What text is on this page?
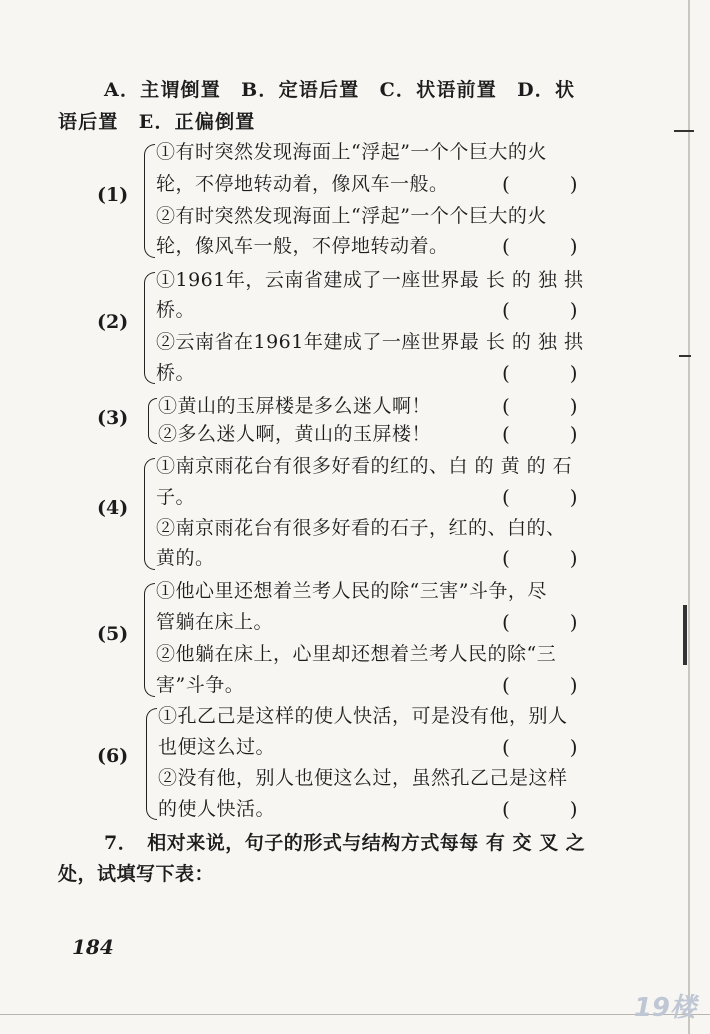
A．主谓倒置　B．定语后置　C．状语前置　D．状
语后置　E．正偏倒置
(1)
①有时突然发现海面上“浮起”一个个巨大的火
轮，不停地转动着，像风车一般。	(　　　)
②有时突然发现海面上“浮起”一个个巨大的火
轮，像风车一般，不停地转动着。	(　　　)
(2)
①1961年，云南省建成了一座世界最 长 的 独 拱
桥。	(　　　)
②云南省在1961年建成了一座世界最 长 的 独 拱
桥。	(　　　)
(3)
①黄山的玉屏楼是多么迷人啊！	(　　　)
②多么迷人啊，黄山的玉屏楼！	(　　　)
(4)
①南京雨花台有很多好看的红的、白 的 黄 的 石
子。	(　　　)
②南京雨花台有很多好看的石子，红的、白的、
黄的。	(　　　)
(5)
①他心里还想着兰考人民的除“三害”斗争，尽
管躺在床上。	(　　　)
②他躺在床上，心里却还想着兰考人民的除“三
害”斗争。	(　　　)
(6)
①孔乙己是这样的使人快活，可是没有他，别人
也便这么过。	(　　　)
②没有他，别人也便这么过，虽然孔乙己是这样
的使人快活。	(　　　)
7．　相对来说，句子的形式与结构方式每每 有 交 叉 之
处，试填写下表：
184
19楼
